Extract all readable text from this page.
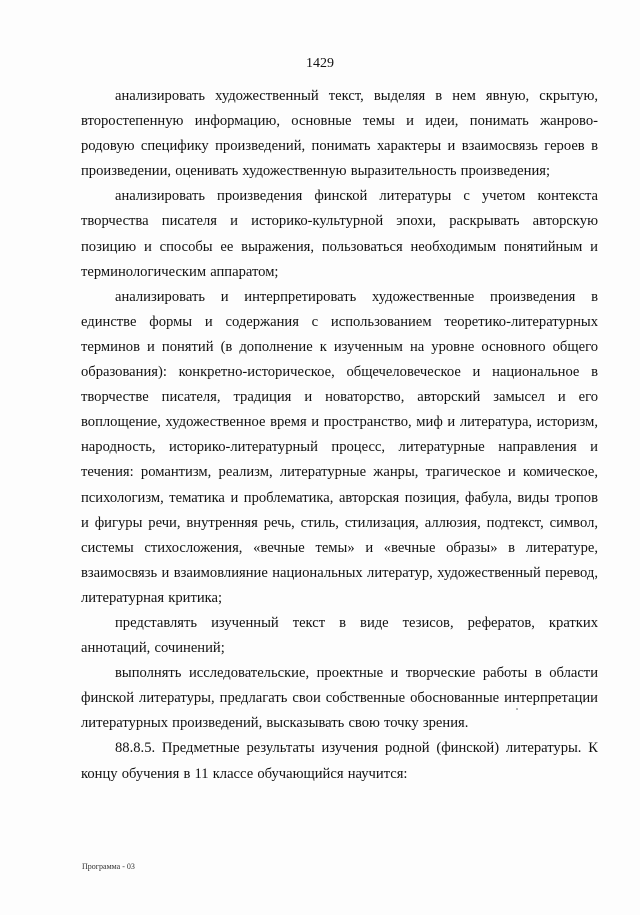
1429

анализировать художественный текст, выделяя в нем явную, скрытую, второстепенную информацию, основные темы и идеи, понимать жанрово-родовую специфику произведений, понимать характеры и взаимосвязь героев в произведении, оценивать художественную выразительность произведения;

анализировать произведения финской литературы с учетом контекста творчества писателя и историко-культурной эпохи, раскрывать авторскую позицию и способы ее выражения, пользоваться необходимым понятийным и терминологическим аппаратом;

анализировать и интерпретировать художественные произведения в единстве формы и содержания с использованием теоретико-литературных терминов и понятий (в дополнение к изученным на уровне основного общего образования): конкретно-историческое, общечеловеческое и национальное в творчестве писателя, традиция и новаторство, авторский замысел и его воплощение, художественное время и пространство, миф и литература, историзм, народность, историко-литературный процесс, литературные направления и течения: романтизм, реализм, литературные жанры, трагическое и комическое, психологизм, тематика и проблематика, авторская позиция, фабула, виды тропов и фигуры речи, внутренняя речь, стиль, стилизация, аллюзия, подтекст, символ, системы стихосложения, «вечные темы» и «вечные образы» в литературе, взаимосвязь и взаимовлияние национальных литератур, художественный перевод, литературная критика;

представлять изученный текст в виде тезисов, рефератов, кратких аннотаций, сочинений;

выполнять исследовательские, проектные и творческие работы в области финской литературы, предлагать свои собственные обоснованные интерпретации литературных произведений, высказывать свою точку зрения.

88.8.5. Предметные результаты изучения родной (финской) литературы. К концу обучения в 11 классе обучающийся научится:

Программа - 03
